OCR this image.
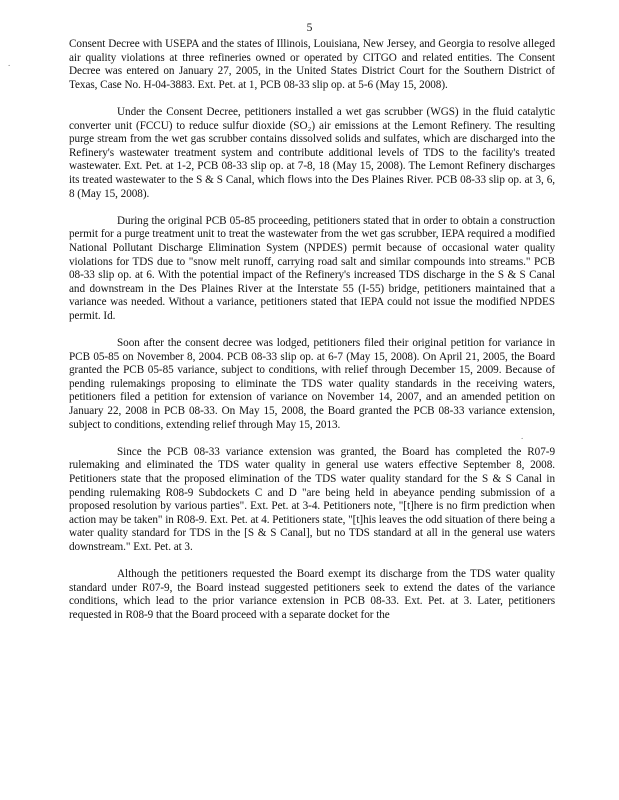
5
.
.

Consent Decree with USEPA and the states of Illinois, Louisiana, New Jersey, and Georgia to resolve alleged air quality violations at three refineries owned or operated by CITGO and related entities. The Consent Decree was entered on January 27, 2005, in the United States District Court for the Southern District of Texas, Case No. H-04-3883. Ext. Pet. at 1, PCB 08-33 slip op. at 5-6 (May 15, 2008).

Under the Consent Decree, petitioners installed a wet gas scrubber (WGS) in the fluid catalytic converter unit (FCCU) to reduce sulfur dioxide (SO₂) air emissions at the Lemont Refinery. The resulting purge stream from the wet gas scrubber contains dissolved solids and sulfates, which are discharged into the Refinery's wastewater treatment system and contribute additional levels of TDS to the facility's treated wastewater. Ext. Pet. at 1-2, PCB 08-33 slip op. at 7-8, 18 (May 15, 2008). The Lemont Refinery discharges its treated wastewater to the S & S Canal, which flows into the Des Plaines River. PCB 08-33 slip op. at 3, 6, 8 (May 15, 2008).

During the original PCB 05-85 proceeding, petitioners stated that in order to obtain a construction permit for a purge treatment unit to treat the wastewater from the wet gas scrubber, IEPA required a modified National Pollutant Discharge Elimination System (NPDES) permit because of occasional water quality violations for TDS due to "snow melt runoff, carrying road salt and similar compounds into streams." PCB 08-33 slip op. at 6. With the potential impact of the Refinery's increased TDS discharge in the S & S Canal and downstream in the Des Plaines River at the Interstate 55 (I-55) bridge, petitioners maintained that a variance was needed. Without a variance, petitioners stated that IEPA could not issue the modified NPDES permit. Id.

Soon after the consent decree was lodged, petitioners filed their original petition for variance in PCB 05-85 on November 8, 2004. PCB 08-33 slip op. at 6-7 (May 15, 2008). On April 21, 2005, the Board granted the PCB 05-85 variance, subject to conditions, with relief through December 15, 2009. Because of pending rulemakings proposing to eliminate the TDS water quality standards in the receiving waters, petitioners filed a petition for extension of variance on November 14, 2007, and an amended petition on January 22, 2008 in PCB 08-33. On May 15, 2008, the Board granted the PCB 08-33 variance extension, subject to conditions, extending relief through May 15, 2013.

Since the PCB 08-33 variance extension was granted, the Board has completed the R07-9 rulemaking and eliminated the TDS water quality in general use waters effective September 8, 2008. Petitioners state that the proposed elimination of the TDS water quality standard for the S & S Canal in pending rulemaking R08-9 Subdockets C and D "are being held in abeyance pending submission of a proposed resolution by various parties". Ext. Pet. at 3-4. Petitioners note, "[t]here is no firm prediction when action may be taken" in R08-9. Ext. Pet. at 4. Petitioners state, "[t]his leaves the odd situation of there being a water quality standard for TDS in the [S & S Canal], but no TDS standard at all in the general use waters downstream." Ext. Pet. at 3.

Although the petitioners requested the Board exempt its discharge from the TDS water quality standard under R07-9, the Board instead suggested petitioners seek to extend the dates of the variance conditions, which lead to the prior variance extension in PCB 08-33. Ext. Pet. at 3. Later, petitioners requested in R08-9 that the Board proceed with a separate docket for the
